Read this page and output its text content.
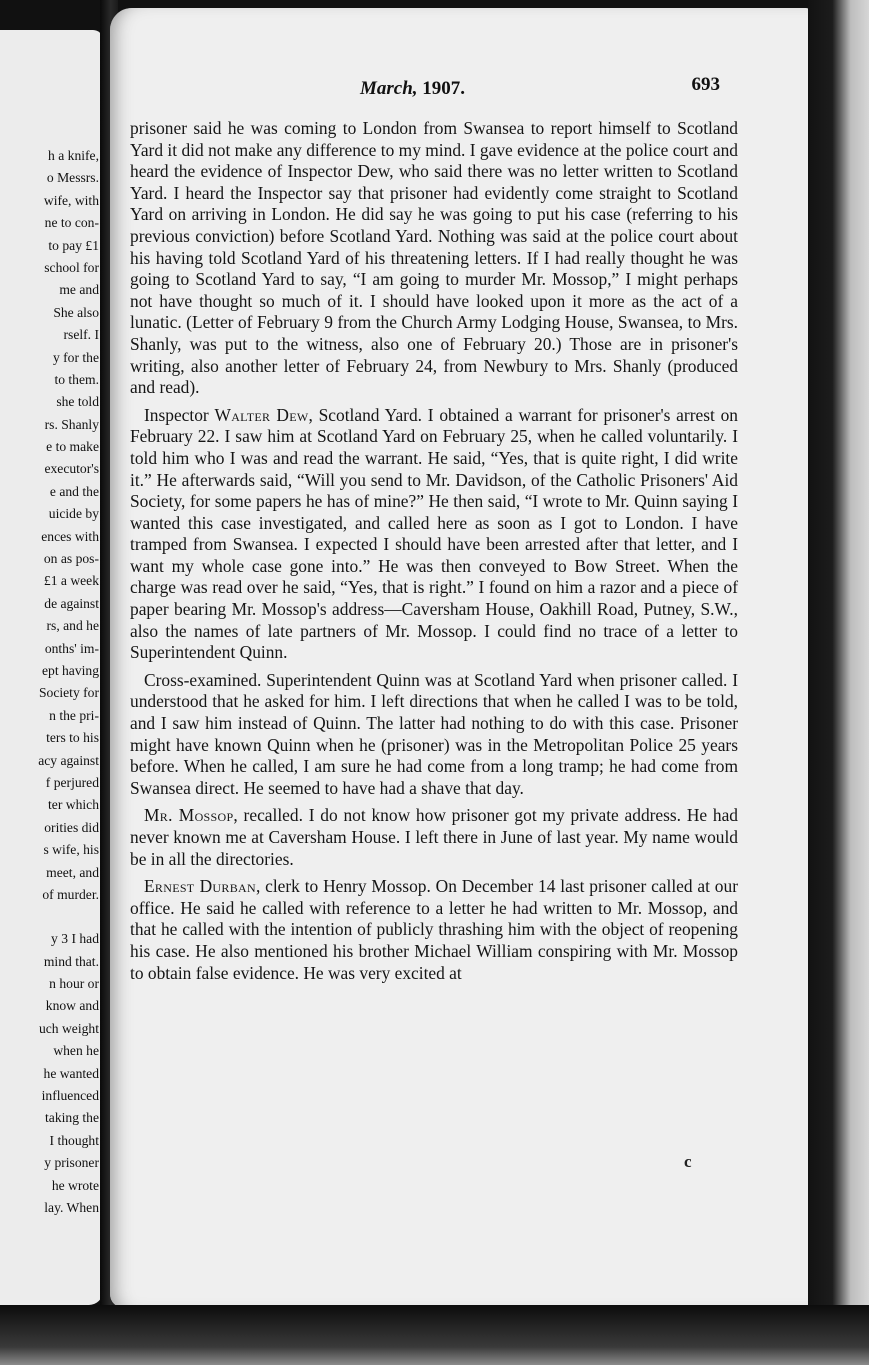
h a knife,
o Messrs.
wife, with
ne to con-
to pay £1
school for
me and
She also
rself. I
y for the
to them.
she told
rs. Shanly
e to make
executor's
e and the
uicide by
ences with
on as pos-
£1 a week
de against
rs, and he
onths' im-
ept having
Society for
n the pri-
ters to his
acy against
f perjured
ter which
orities did
s wife, his
meet, and
of murder.
y 3 I had
mind that.
n hour or
know and
uch weight
when he
he wanted
influenced
taking the
I thought
y prisoner
he wrote
lay. When
March, 1907.	693

prisoner said he was coming to London from Swansea to report himself to Scotland Yard it did not make any difference to my mind. I gave evidence at the police court and heard the evidence of Inspector Dew, who said there was no letter written to Scotland Yard. I heard the Inspector say that prisoner had evidently come straight to Scotland Yard on arriving in London. He did say he was going to put his case (referring to his previous conviction) before Scotland Yard. Nothing was said at the police court about his having told Scotland Yard of his threatening letters. If I had really thought he was going to Scotland Yard to say, “I am going to murder Mr. Mossop,” I might perhaps not have thought so much of it. I should have looked upon it more as the act of a lunatic. (Letter of February 9 from the Church Army Lodging House, Swansea, to Mrs. Shanly, was put to the witness, also one of February 20.) Those are in prisoner's writing, also another letter of February 24, from Newbury to Mrs. Shanly (produced and read).

Inspector Walter Dew, Scotland Yard. I obtained a warrant for prisoner's arrest on February 22. I saw him at Scotland Yard on February 25, when he called voluntarily. I told him who I was and read the warrant. He said, “Yes, that is quite right, I did write it.” He afterwards said, “Will you send to Mr. Davidson, of the Catholic Prisoners' Aid Society, for some papers he has of mine?” He then said, “I wrote to Mr. Quinn saying I wanted this case investigated, and called here as soon as I got to London. I have tramped from Swansea. I expected I should have been arrested after that letter, and I want my whole case gone into.” He was then conveyed to Bow Street. When the charge was read over he said, “Yes, that is right.” I found on him a razor and a piece of paper bearing Mr. Mossop's address—Caversham House, Oakhill Road, Putney, S.W., also the names of late partners of Mr. Mossop. I could find no trace of a letter to Superintendent Quinn.

Cross-examined. Superintendent Quinn was at Scotland Yard when prisoner called. I understood that he asked for him. I left directions that when he called I was to be told, and I saw him instead of Quinn. The latter had nothing to do with this case. Prisoner might have known Quinn when he (prisoner) was in the Metropolitan Police 25 years before. When he called, I am sure he had come from a long tramp; he had come from Swansea direct. He seemed to have had a shave that day.

Mr. Mossop, recalled. I do not know how prisoner got my private address. He had never known me at Caversham House. I left there in June of last year. My name would be in all the directories.

Ernest Durban, clerk to Henry Mossop. On December 14 last prisoner called at our office. He said he called with reference to a letter he had written to Mr. Mossop, and that he called with the intention of publicly thrashing him with the object of reopening his case. He also mentioned his brother Michael William conspiring with Mr. Mossop to obtain false evidence. He was very excited at

c
